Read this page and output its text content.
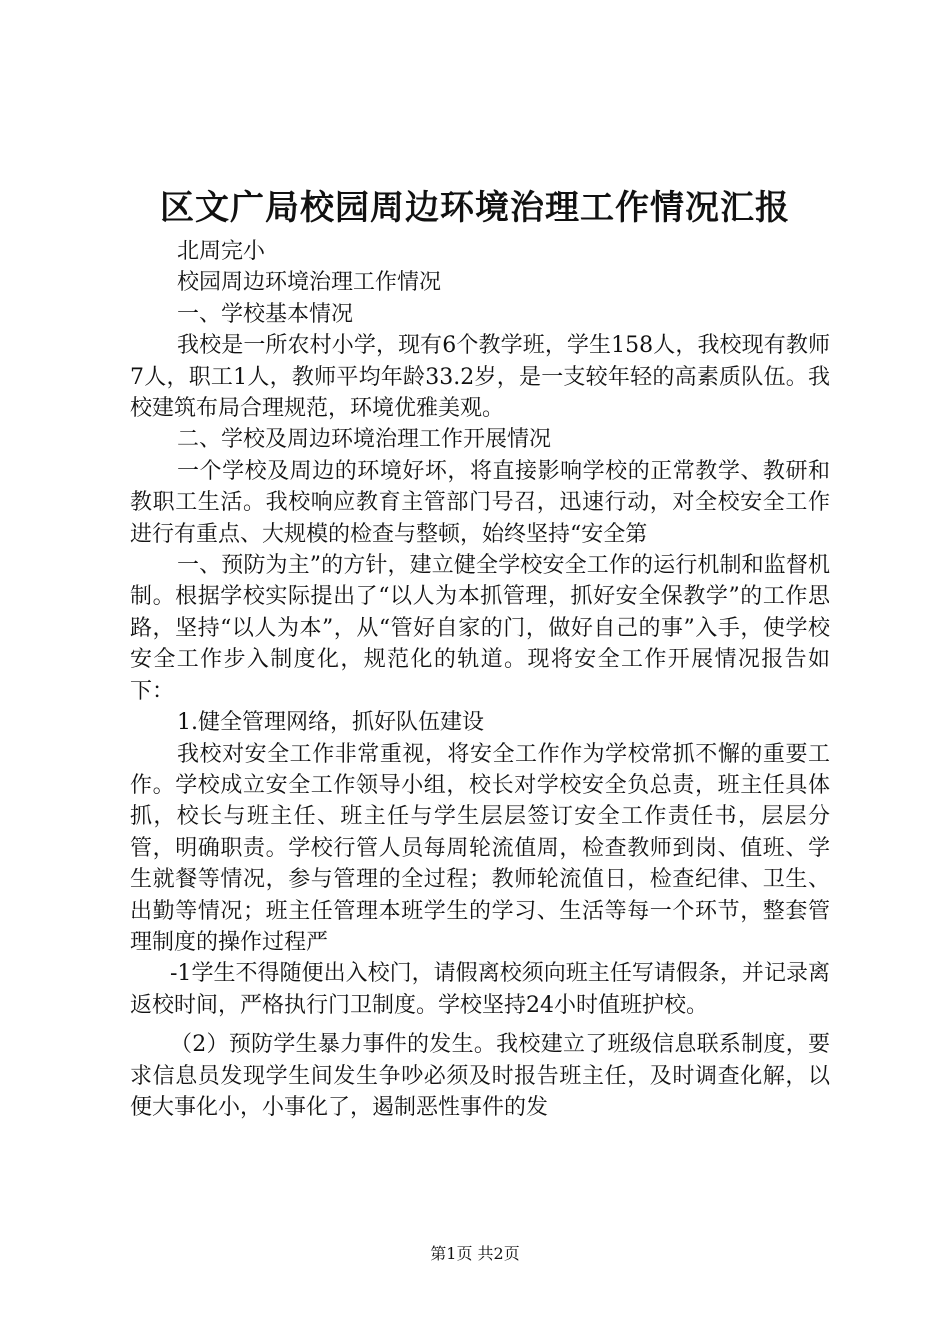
区文广局校园周边环境治理工作情况汇报

北周完小

校园周边环境治理工作情况

一、学校基本情况

我校是一所农村小学，现有6个教学班，学生158人，我校现有教师7人，职工1人，教师平均年龄33.2岁，是一支较年轻的高素质队伍。我校建筑布局合理规范，环境优雅美观。

二、学校及周边环境治理工作开展情况

一个学校及周边的环境好坏，将直接影响学校的正常教学、教研和教职工生活。我校响应教育主管部门号召，迅速行动，对全校安全工作进行有重点、大规模的检查与整顿，始终坚持“安全第

一、预防为主”的方针，建立健全学校安全工作的运行机制和监督机制。根据学校实际提出了“以人为本抓管理，抓好安全保教学”的工作思路，坚持“以人为本”，从“管好自家的门，做好自己的事”入手，使学校安全工作步入制度化，规范化的轨道。现将安全工作开展情况报告如下：

1.健全管理网络，抓好队伍建设

我校对安全工作非常重视，将安全工作作为学校常抓不懈的重要工作。学校成立安全工作领导小组，校长对学校安全负总责，班主任具体抓，校长与班主任、班主任与学生层层签订安全工作责任书，层层分管，明确职责。学校行管人员每周轮流值周，检查教师到岗、值班、学生就餐等情况，参与管理的全过程；教师轮流值日，检查纪律、卫生、出勤等情况；班主任管理本班学生的学习、生活等每一个环节，整套管理制度的操作过程严

-1学生不得随便出入校门，请假离校须向班主任写请假条，并记录离返校时间，严格执行门卫制度。学校坚持24小时值班护校。

（2）预防学生暴力事件的发生。我校建立了班级信息联系制度，要求信息员发现学生间发生争吵必须及时报告班主任，及时调查化解，以便大事化小，小事化了，遏制恶性事件的发

第1页 共2页
